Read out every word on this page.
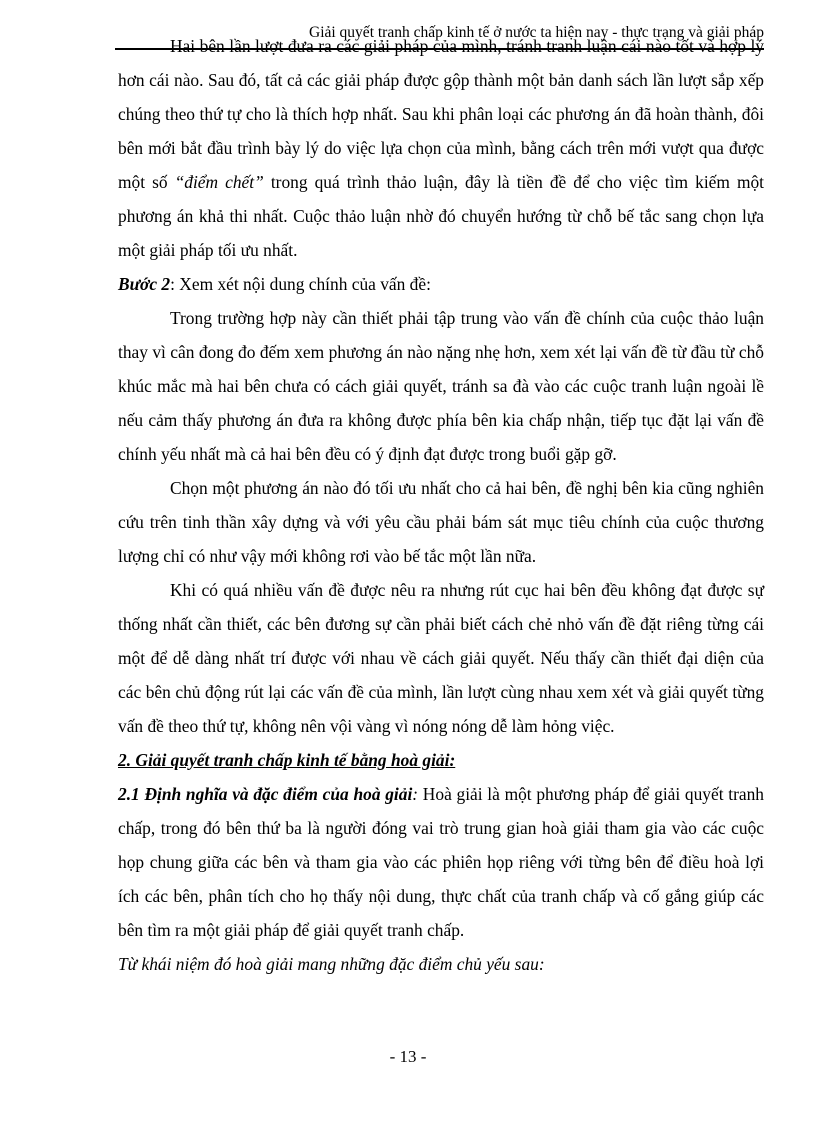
Giải quyết tranh chấp kinh tế ở nước ta hiện nay - thực trạng và giải pháp

Hai bên lần lượt đưa ra các giải pháp của mình, tránh tranh luận cái nào tốt và hợp lý hơn cái nào. Sau đó, tất cả các giải pháp được gộp thành một bản danh sách lần lượt sắp xếp chúng theo thứ tự cho là thích hợp nhất. Sau khi phân loại các phương án đã hoàn thành, đôi bên mới bắt đầu trình bày lý do việc lựa chọn của mình, bằng cách trên mới vượt qua được một số “điểm chết” trong quá trình thảo luận, đây là tiền đề để cho việc tìm kiếm một phương án khả thi nhất. Cuộc thảo luận nhờ đó chuyển hướng từ chỗ bế tắc sang chọn lựa một giải pháp tối ưu nhất.

Bước 2: Xem xét nội dung chính của vấn đề:

Trong trường hợp này cần thiết phải tập trung vào vấn đề chính của cuộc thảo luận thay vì cân đong đo đếm xem phương án nào nặng nhẹ hơn, xem xét lại vấn đề từ đầu từ chỗ khúc mắc mà hai bên chưa có cách giải quyết, tránh sa đà vào các cuộc tranh luận ngoài lề nếu cảm thấy phương án đưa ra không được phía bên kia chấp nhận, tiếp tục đặt lại vấn đề chính yếu nhất mà cả hai bên đều có ý định đạt được trong buổi gặp gỡ.

Chọn một phương án nào đó tối ưu nhất cho cả hai bên, đề nghị bên kia cũng nghiên cứu trên tinh thần xây dựng và với yêu cầu phải bám sát mục tiêu chính của cuộc thương lượng chỉ có như vậy mới không rơi vào bế tắc một lần nữa.

Khi có quá nhiều vấn đề được nêu ra nhưng rút cục hai bên đều không đạt được sự thống nhất cần thiết, các bên đương sự cần phải biết cách chẻ nhỏ vấn đề đặt riêng từng cái một để dễ dàng nhất trí được với nhau về cách giải quyết. Nếu thấy cần thiết đại diện của các bên chủ động rút lại các vấn đề của mình, lần lượt cùng nhau xem xét và giải quyết từng vấn đề theo thứ tự, không nên vội vàng vì nóng nóng dễ làm hỏng việc.

2. Giải quyết tranh chấp kinh tế bằng hoà giải:

2.1 Định nghĩa và đặc điểm của hoà giải: Hoà giải là một phương pháp để giải quyết tranh chấp, trong đó bên thứ ba là người đóng vai trò trung gian hoà giải tham gia vào các cuộc họp chung giữa các bên và tham gia vào các phiên họp riêng với từng bên để điều hoà lợi ích các bên, phân tích cho họ thấy nội dung, thực chất của tranh chấp và cố gắng giúp các bên tìm ra một giải pháp để giải quyết tranh chấp.

Từ khái niệm đó hoà giải mang những đặc điểm chủ yếu sau:

- 13 -
